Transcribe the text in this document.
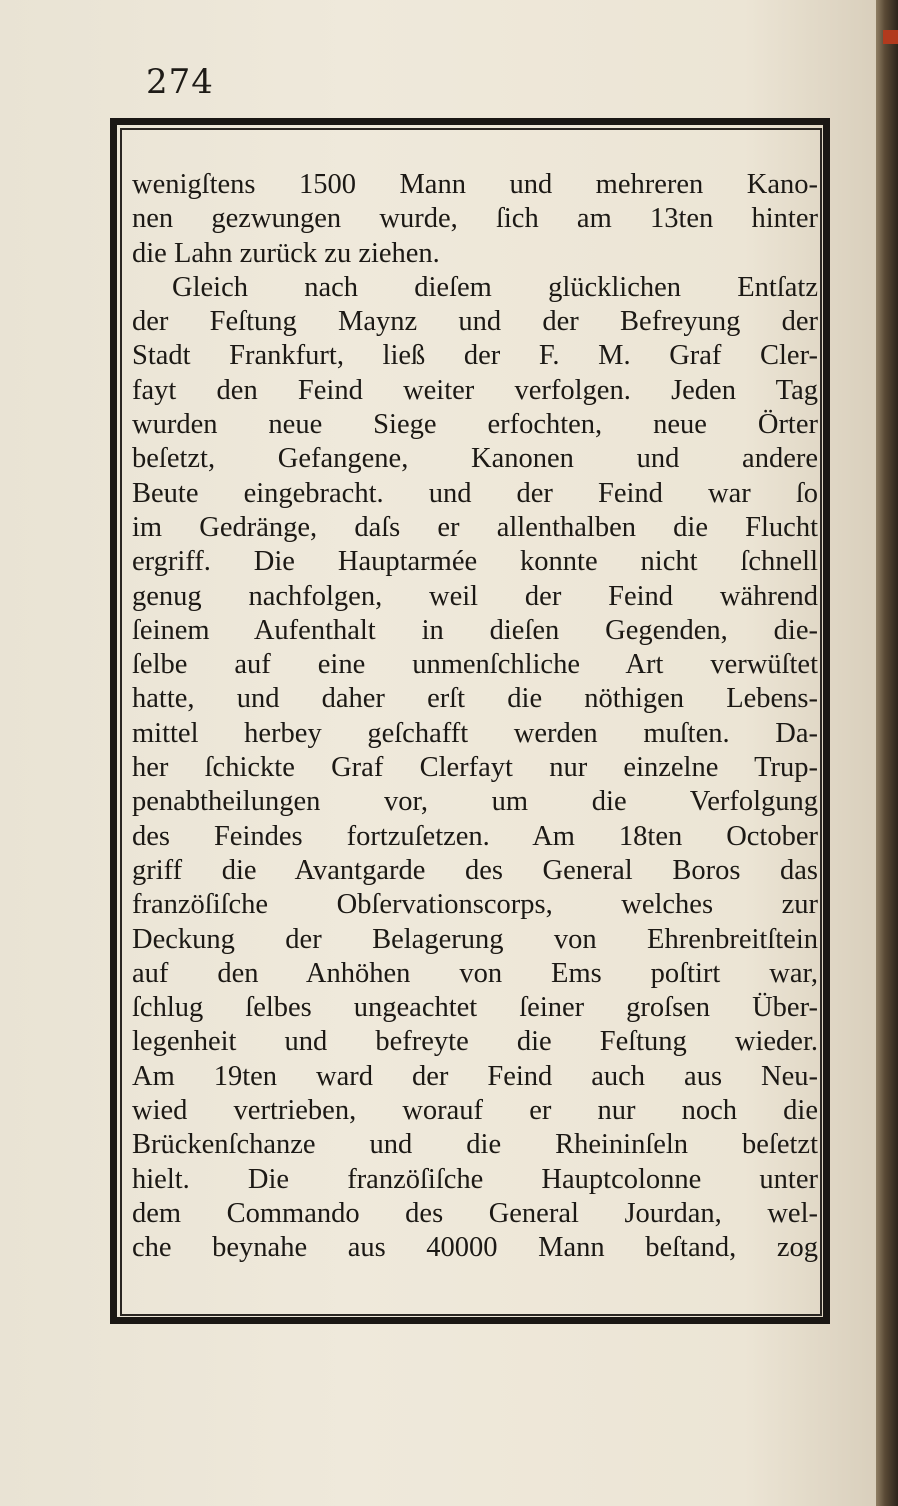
274
wenigſtens 1500 Mann und mehreren Kano-
nen gezwungen wurde, ſich am 13ten hinter
die Lahn zurück zu ziehen.
Gleich nach dieſem glücklichen Entſatz
der Feſtung Maynz und der Befreyung der
Stadt Frankfurt, ließ der F. M. Graf Cler-
fayt den Feind weiter verfolgen. Jeden Tag
wurden neue Siege erfochten, neue Örter
beſetzt, Gefangene, Kanonen und andere
Beute eingebracht. und der Feind war ſo
im Gedränge, daſs er allenthalben die Flucht
ergriff. Die Hauptarmée konnte nicht ſchnell
genug nachfolgen, weil der Feind während
ſeinem Aufenthalt in dieſen Gegenden, die-
ſelbe auf eine unmenſchliche Art verwüſtet
hatte, und daher erſt die nöthigen Lebens-
mittel herbey geſchafft werden muſten. Da-
her ſchickte Graf Clerfayt nur einzelne Trup-
penabtheilungen vor, um die Verfolgung
des Feindes fortzuſetzen. Am 18ten October
griff die Avantgarde des General Boros das
franzöſiſche Obſervationscorps, welches zur
Deckung der Belagerung von Ehrenbreitſtein
auf den Anhöhen von Ems poſtirt war,
ſchlug ſelbes ungeachtet ſeiner groſsen Über-
legenheit und befreyte die Feſtung wieder.
Am 19ten ward der Feind auch aus Neu-
wied vertrieben, worauf er nur noch die
Brückenſchanze und die Rheininſeln beſetzt
hielt. Die franzöſiſche Hauptcolonne unter
dem Commando des General Jourdan, wel-
che beynahe aus 40000 Mann beſtand, zog
